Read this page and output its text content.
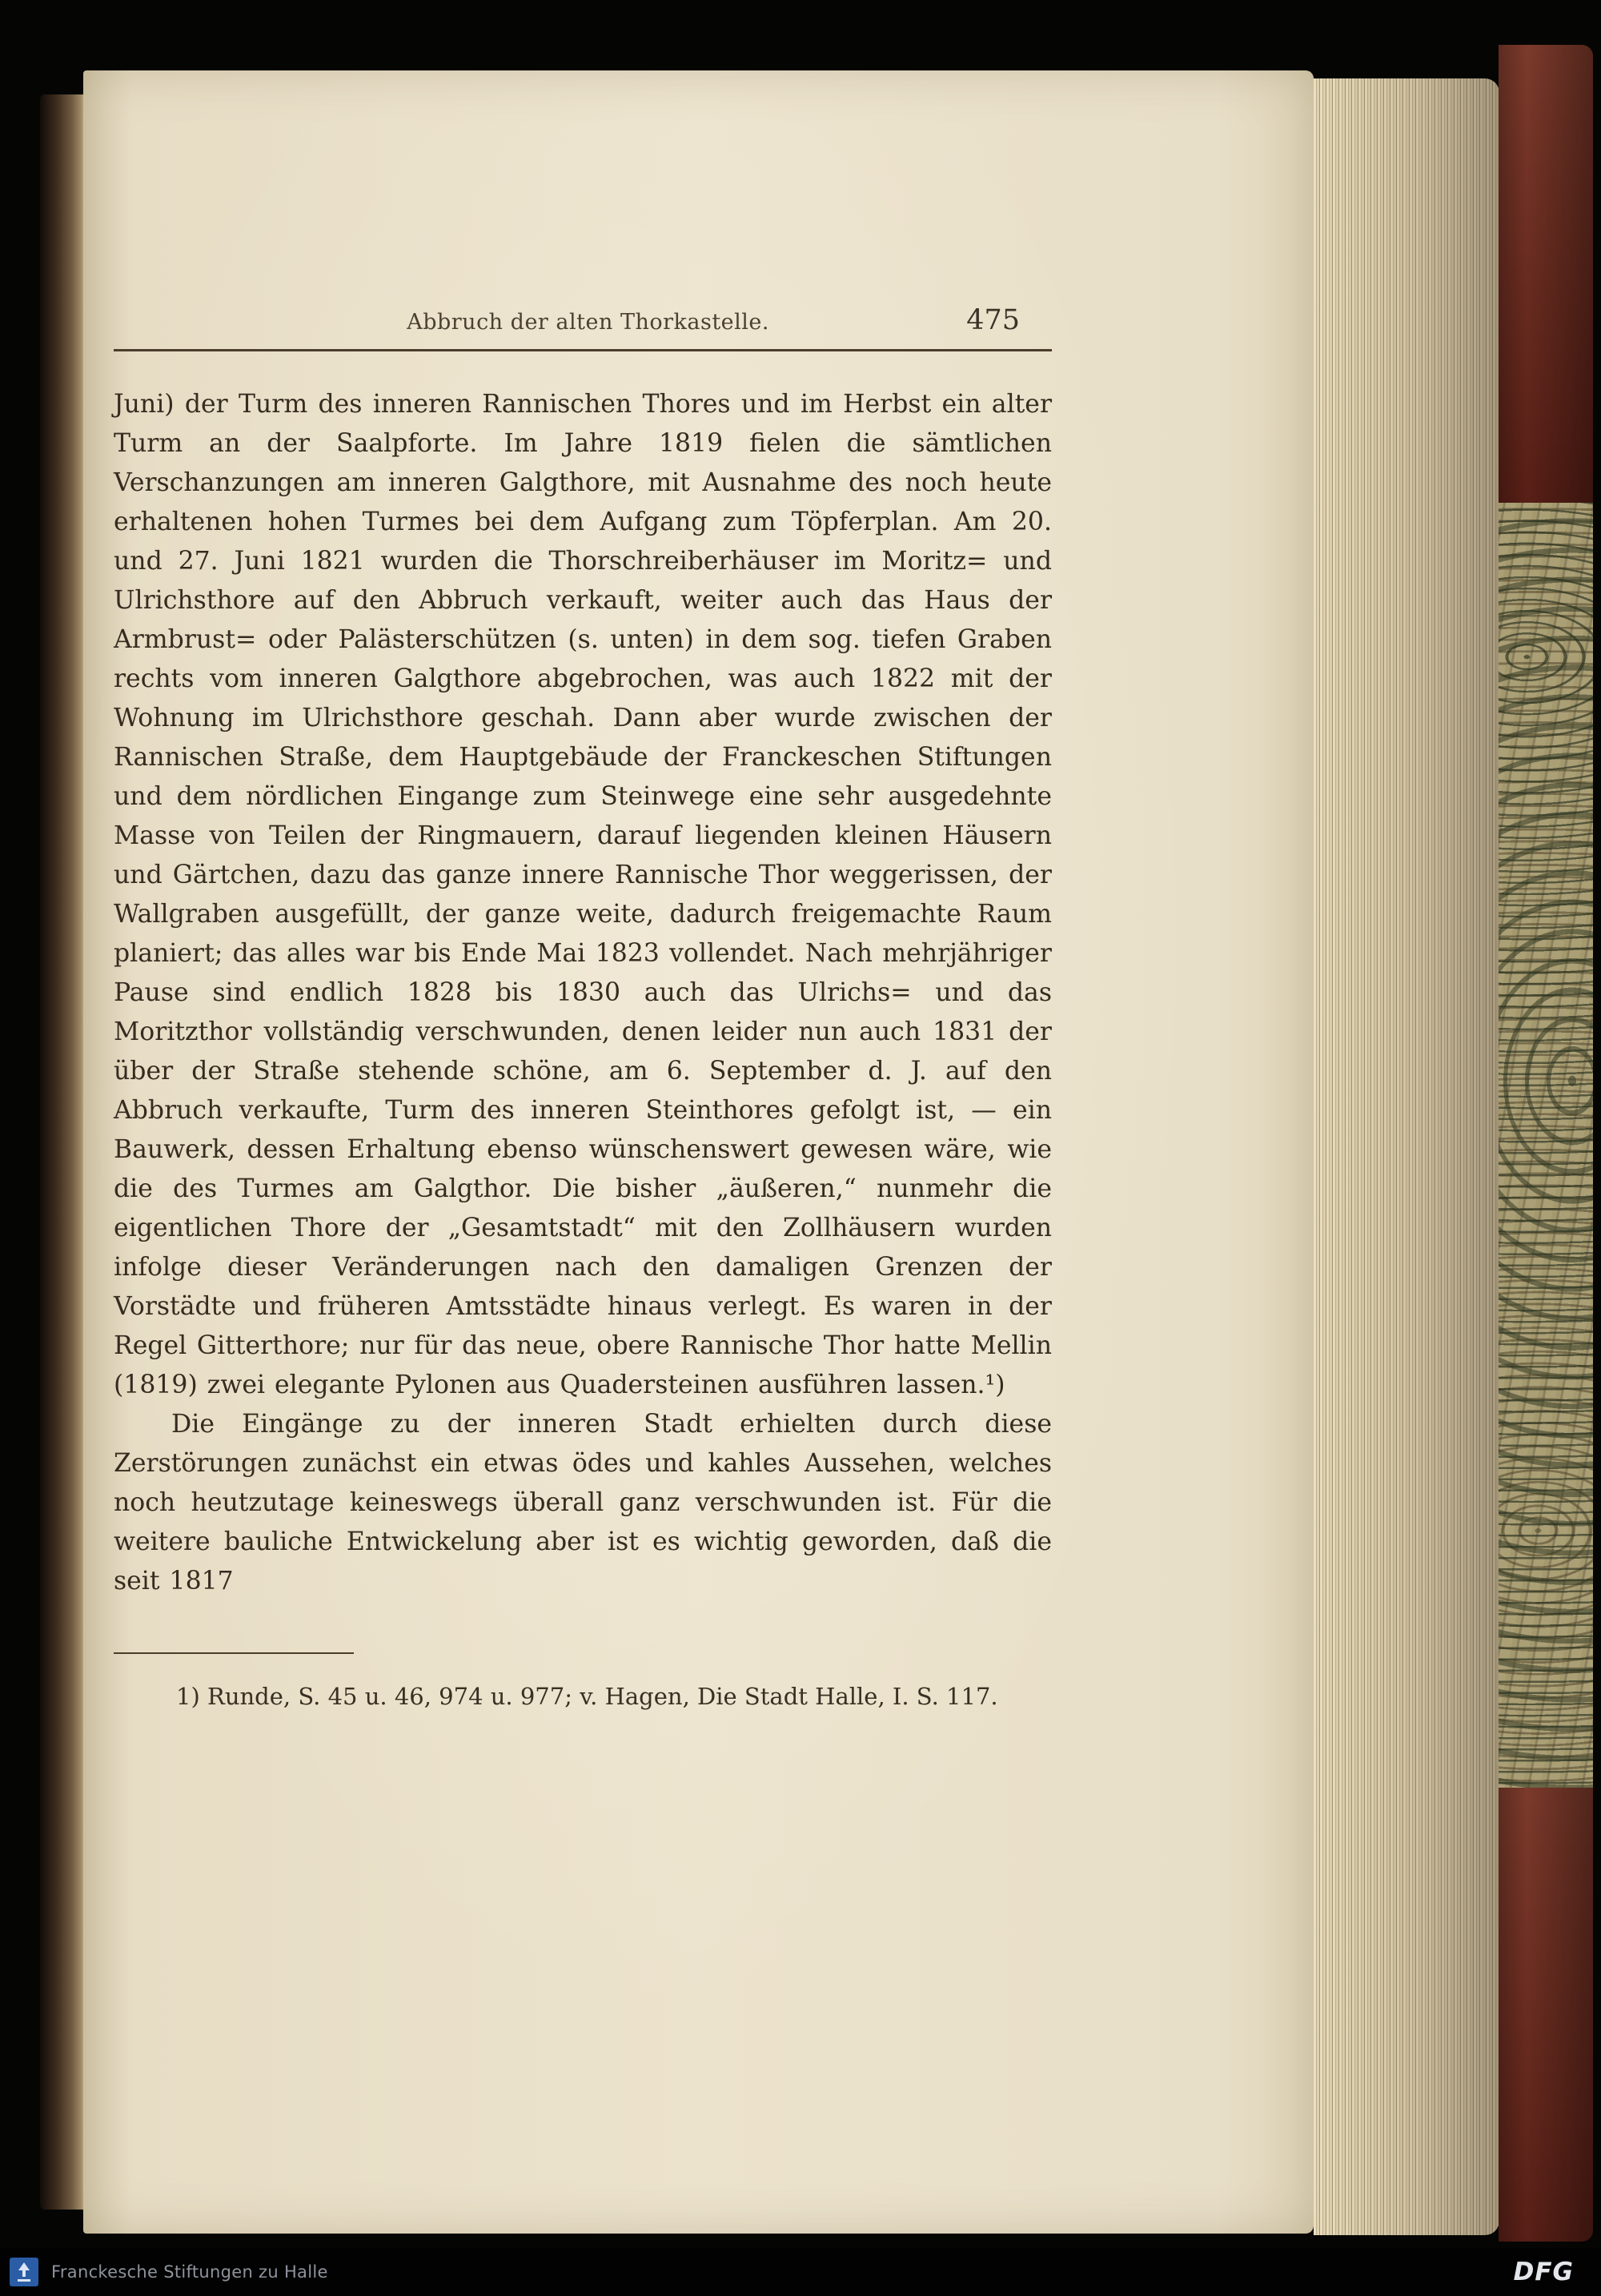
Abbruch der alten Thorkastelle.	475

Juni) der Turm des inneren Rannischen Thores und im Herbst ein alter Turm an der Saalpforte. Im Jahre 1819 fielen die sämtlichen Verschanzungen am inneren Galgthore, mit Ausnahme des noch heute erhaltenen hohen Turmes bei dem Aufgang zum Töpferplan. Am 20. und 27. Juni 1821 wurden die Thorschreiberhäuser im Moritz= und Ulrichsthore auf den Abbruch verkauft, weiter auch das Haus der Armbrust= oder Palästerschützen (s. unten) in dem sog. tiefen Graben rechts vom inneren Galgthore abgebrochen, was auch 1822 mit der Wohnung im Ulrichsthore geschah. Dann aber wurde zwischen der Rannischen Straße, dem Hauptgebäude der Franckeschen Stiftungen und dem nördlichen Eingange zum Steinwege eine sehr ausgedehnte Masse von Teilen der Ringmauern, darauf liegenden kleinen Häusern und Gärtchen, dazu das ganze innere Rannische Thor weggerissen, der Wallgraben ausgefüllt, der ganze weite, dadurch freigemachte Raum planiert; das alles war bis Ende Mai 1823 vollendet. Nach mehrjähriger Pause sind endlich 1828 bis 1830 auch das Ulrichs= und das Moritzthor vollständig verschwunden, denen leider nun auch 1831 der über der Straße stehende schöne, am 6. September d. J. auf den Abbruch verkaufte, Turm des inneren Steinthores gefolgt ist, — ein Bauwerk, dessen Erhaltung ebenso wünschenswert gewesen wäre, wie die des Turmes am Galgthor. Die bisher „äußeren,“ nunmehr die eigentlichen Thore der „Gesamtstadt“ mit den Zollhäusern wurden infolge dieser Veränderungen nach den damaligen Grenzen der Vorstädte und früheren Amtsstädte hinaus verlegt. Es waren in der Regel Gitterthore; nur für das neue, obere Rannische Thor hatte Mellin (1819) zwei elegante Pylonen aus Quadersteinen ausführen lassen.¹)

Die Eingänge zu der inneren Stadt erhielten durch diese Zerstörungen zunächst ein etwas ödes und kahles Aussehen, welches noch heutzutage keineswegs überall ganz verschwunden ist. Für die weitere bauliche Entwickelung aber ist es wichtig geworden, daß die seit 1817

1) Runde, S. 45 u. 46, 974 u. 977; v. Hagen, Die Stadt Halle, I. S. 117.

Franckesche Stiftungen zu Halle	DFG
